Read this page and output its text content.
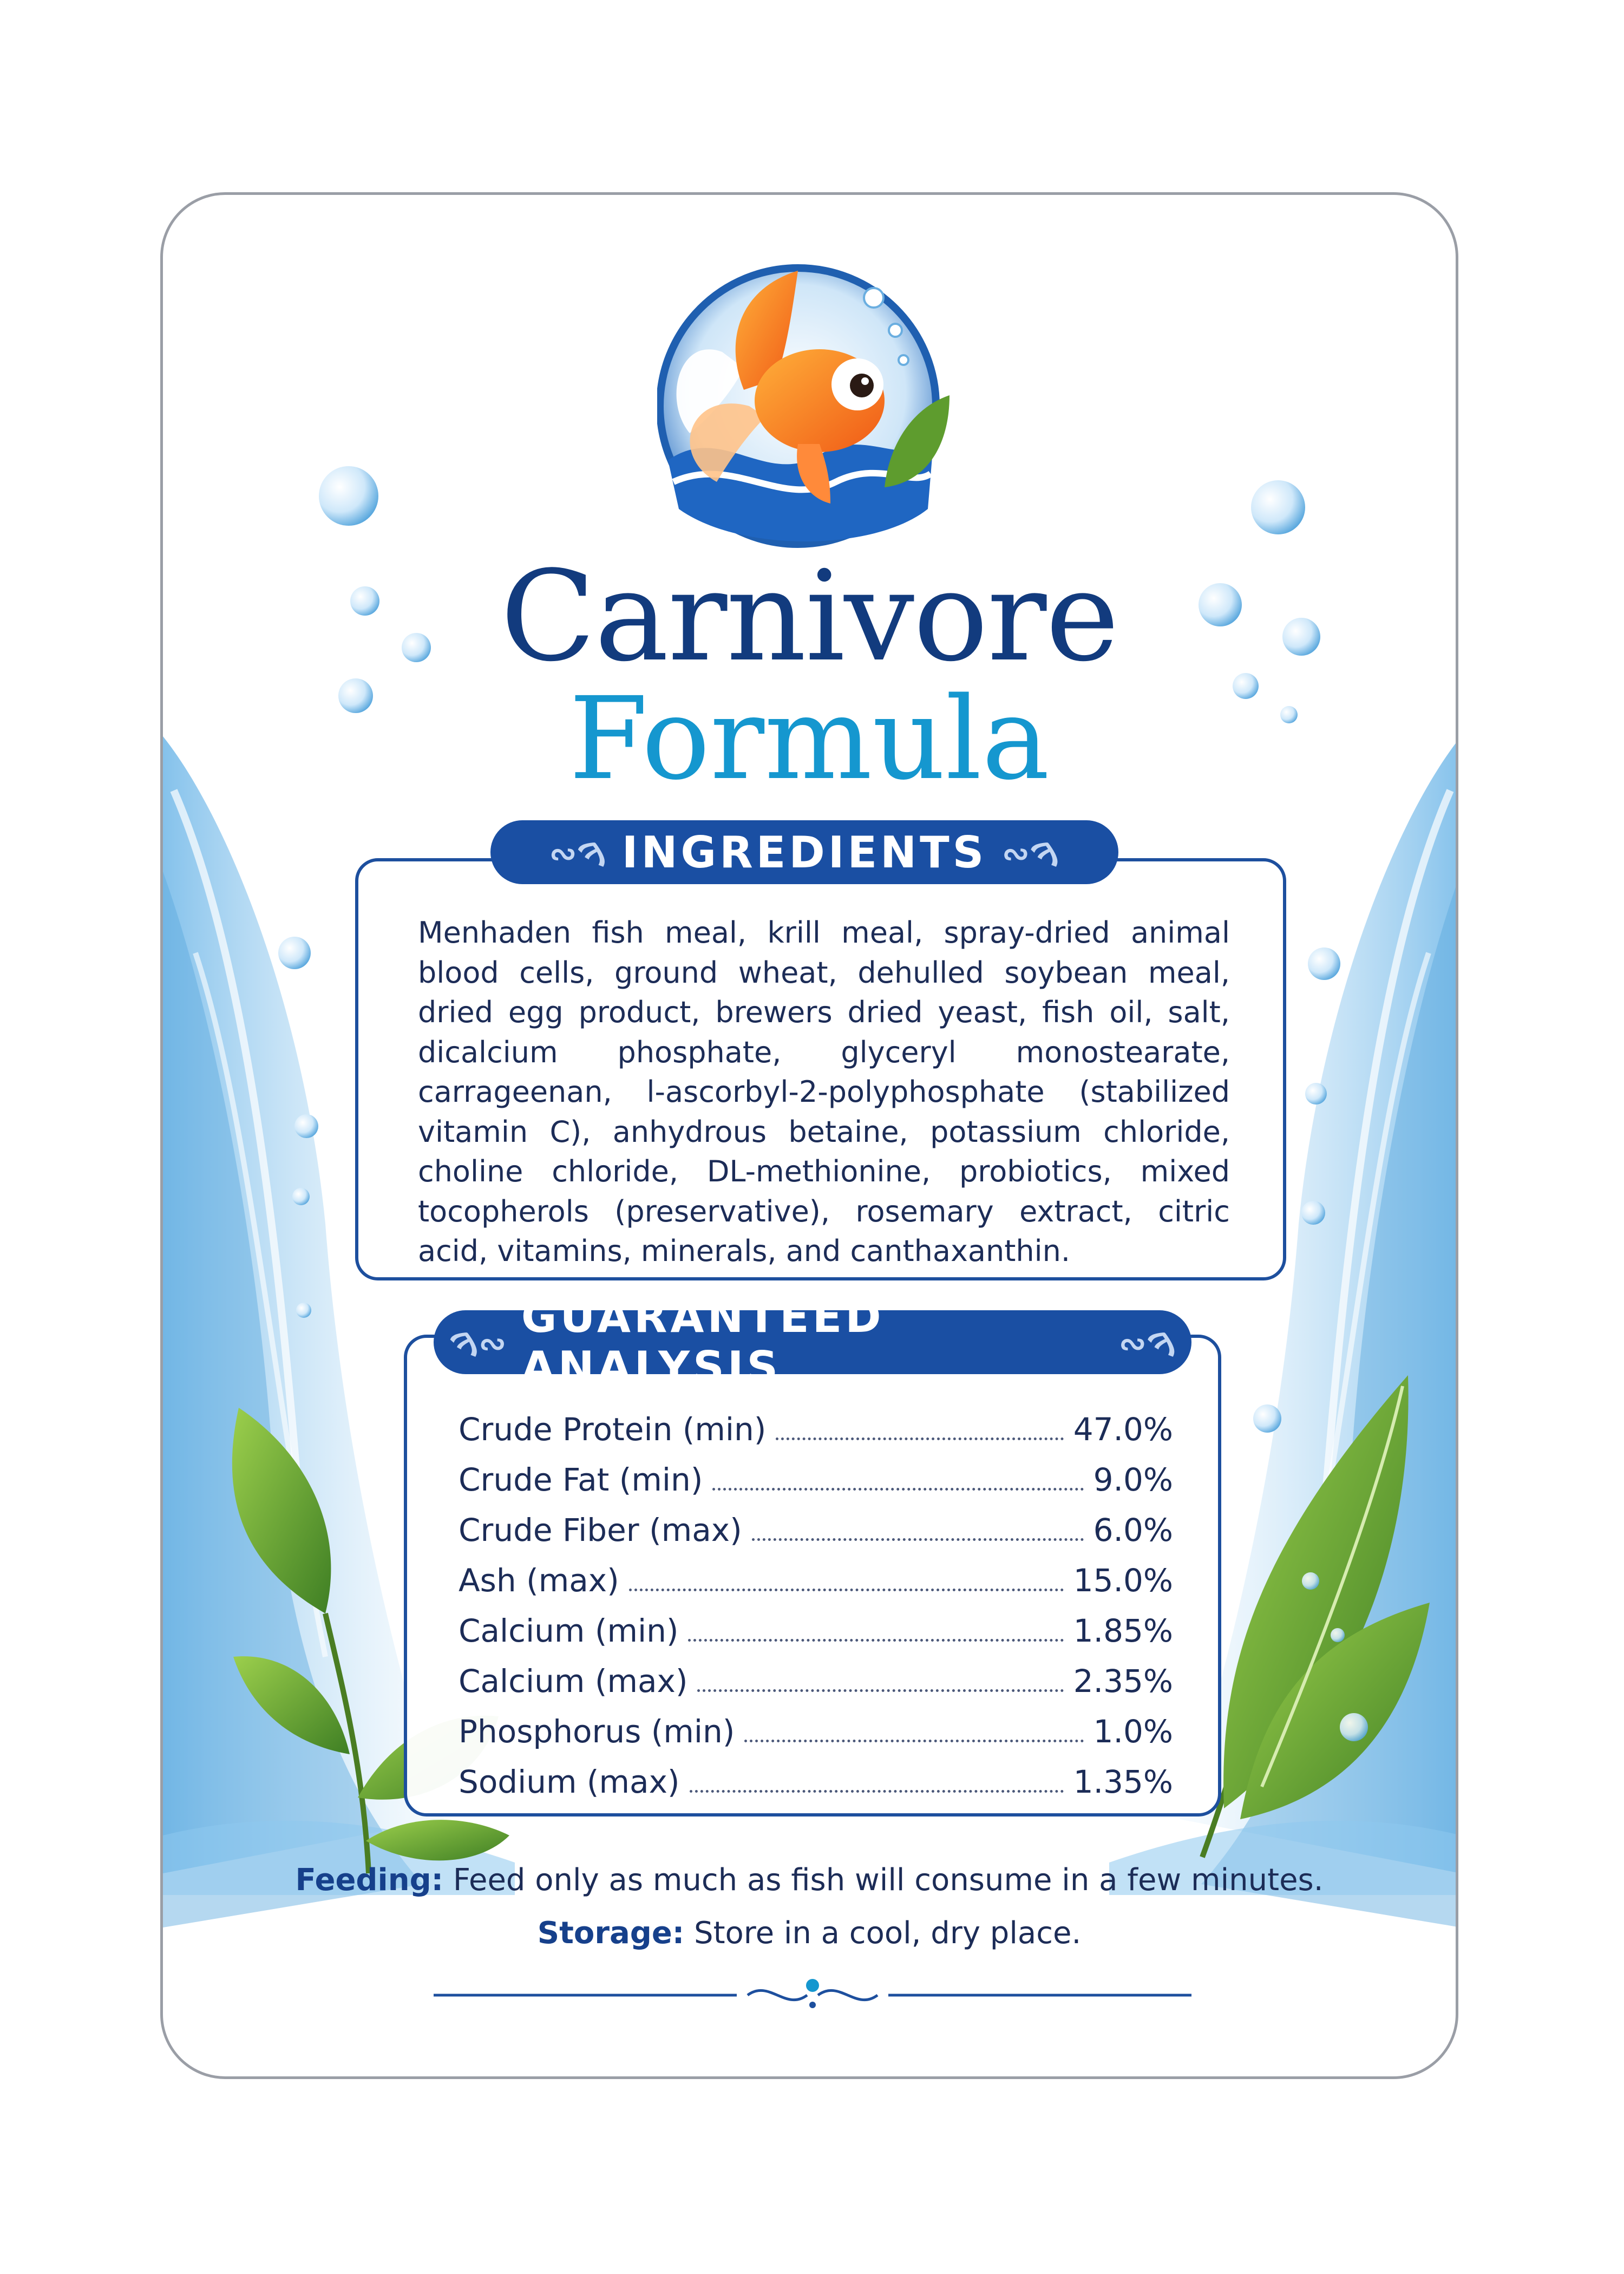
Carnivore
Formula
Menhaden fish meal, krill meal, spray-dried animal blood cells, ground wheat, dehulled soybean meal, dried egg product, brewers dried yeast, fish oil, salt, dicalcium phosphate, glyceryl monostearate, carrageenan, l-ascorbyl-2-polyphosphate (stabilized vitamin C), anhydrous betaine, potassium chloride, choline chloride, DL-methionine, probiotics, mixed tocopherols (preservative), rosemary extract, citric acid, vitamins, minerals, and canthaxanthin.
∾ࠅ INGREDIENTS ∾ࠅ
Crude Protein (min)	47.0%
Crude Fat (min)	9.0%
Crude Fiber (max)	6.0%
Ash (max)	15.0%
Calcium (min)	1.85%
Calcium (max)	2.35%
Phosphorus (min)	1.0%
Sodium (max)	1.35%
ࠅ∾
GUARANTEED ANALYSIS	∾ࠅ
Feeding: Feed only as much as fish will consume in a few minutes.
Storage: Store in a cool, dry place.
